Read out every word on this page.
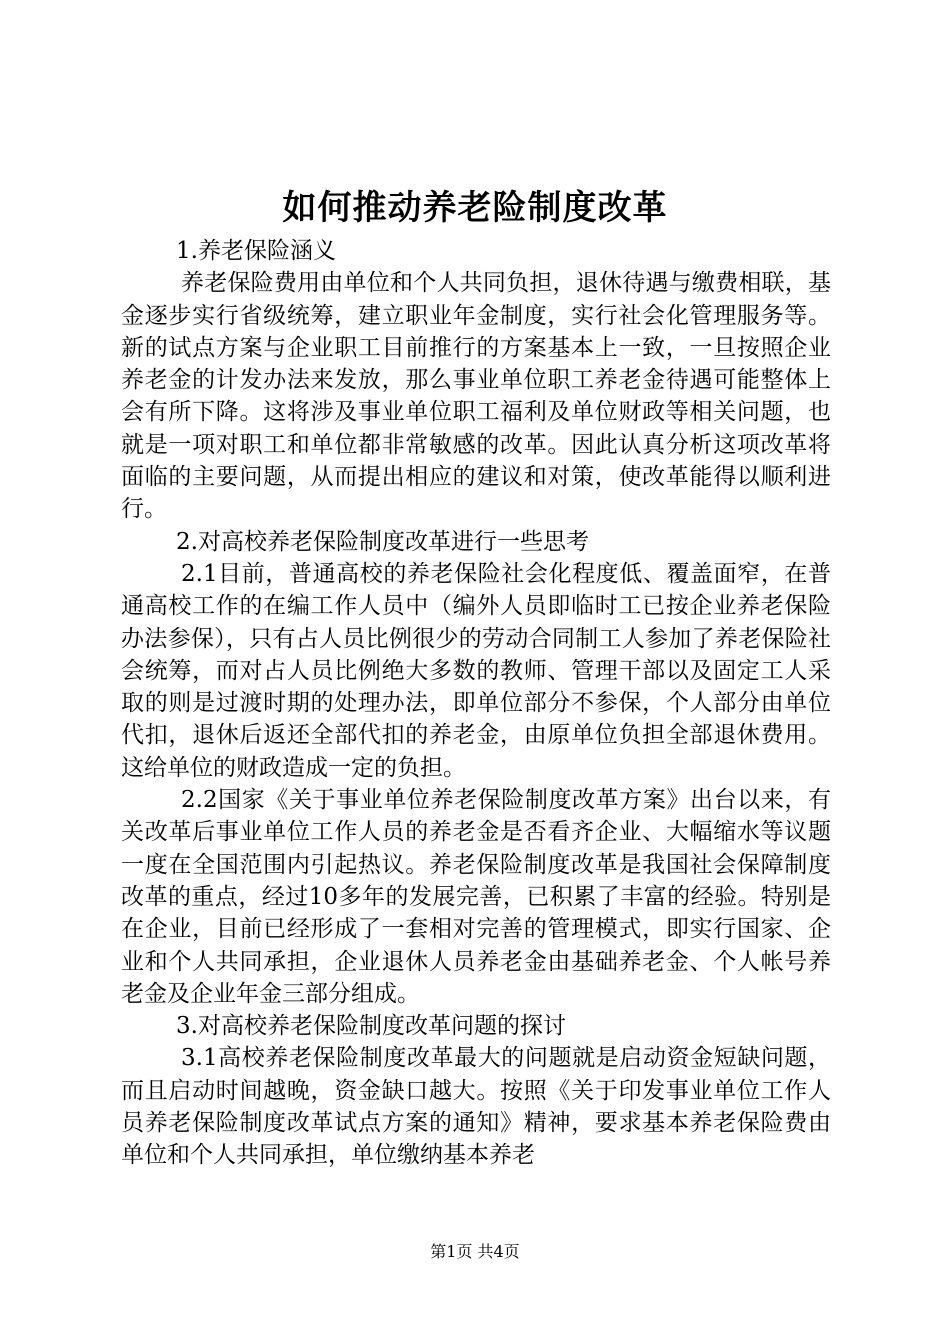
如何推动养老险制度改革

1.养老保险涵义

养老保险费用由单位和个人共同负担，退休待遇与缴费相联，基金逐步实行省级统筹，建立职业年金制度，实行社会化管理服务等。新的试点方案与企业职工目前推行的方案基本上一致，一旦按照企业养老金的计发办法来发放，那么事业单位职工养老金待遇可能整体上会有所下降。这将涉及事业单位职工福利及单位财政等相关问题，也就是一项对职工和单位都非常敏感的改革。因此认真分析这项改革将面临的主要问题，从而提出相应的建议和对策，使改革能得以顺利进行。

2.对高校养老保险制度改革进行一些思考

2.1目前，普通高校的养老保险社会化程度低、覆盖面窄，在普通高校工作的在编工作人员中（编外人员即临时工已按企业养老保险办法参保），只有占人员比例很少的劳动合同制工人参加了养老保险社会统筹，而对占人员比例绝大多数的教师、管理干部以及固定工人采取的则是过渡时期的处理办法，即单位部分不参保，个人部分由单位代扣，退休后返还全部代扣的养老金，由原单位负担全部退休费用。这给单位的财政造成一定的负担。

2.2国家《关于事业单位养老保险制度改革方案》出台以来，有关改革后事业单位工作人员的养老金是否看齐企业、大幅缩水等议题一度在全国范围内引起热议。养老保险制度改革是我国社会保障制度改革的重点，经过10多年的发展完善，已积累了丰富的经验。特别是在企业，目前已经形成了一套相对完善的管理模式，即实行国家、企业和个人共同承担，企业退休人员养老金由基础养老金、个人帐号养老金及企业年金三部分组成。

3.对高校养老保险制度改革问题的探讨

3.1高校养老保险制度改革最大的问题就是启动资金短缺问题，而且启动时间越晚，资金缺口越大。按照《关于印发事业单位工作人员养老保险制度改革试点方案的通知》精神，要求基本养老保险费由单位和个人共同承担，单位缴纳基本养老

第1页 共4页
